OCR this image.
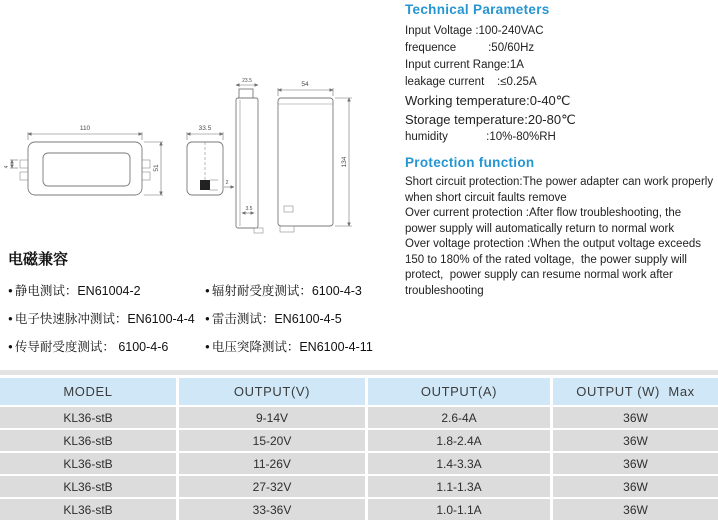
110
51
4
33.5
23.5
2
3.5
54
134
Technical Parameters
Input Voltage :100-240VAC
frequence          :50/60Hz
Input current Range:1A
leakage current    :≤0.25A
Working temperature:0-40℃
Storage temperature:20-80℃
humidity            :10%-80%RH
Protection function
Short circuit protection:The power adapter can work properly
when short circuit faults remove
Over current protection :After flow troubleshooting, the
power supply will automatically return to normal work
Over voltage protection :When the output voltage exceeds
150 to 180% of the rated voltage,  the power supply will
protect,  power supply can resume normal work after
troubleshooting
电磁兼容
● 静电测试：EN61004-2	● 辐射耐受度测试：6100-4-3
● 电子快速脉冲测试：EN6100-4-4 ● 雷击测试：EN6100-4-5
● 传导耐受度测试： 6100-4-6	● 电压突降测试：EN6100-4-11
MODEL	OUTPUT(V)	OUTPUT(A)	OUTPUT (W)  Max
KL36-stB	9-14V	2.6-4A	36W
KL36-stB	15-20V	1.8-2.4A	36W
KL36-stB	11-26V	1.4-3.3A	36W
KL36-stB	27-32V	1.1-1.3A	36W
KL36-stB	33-36V	1.0-1.1A	36W
